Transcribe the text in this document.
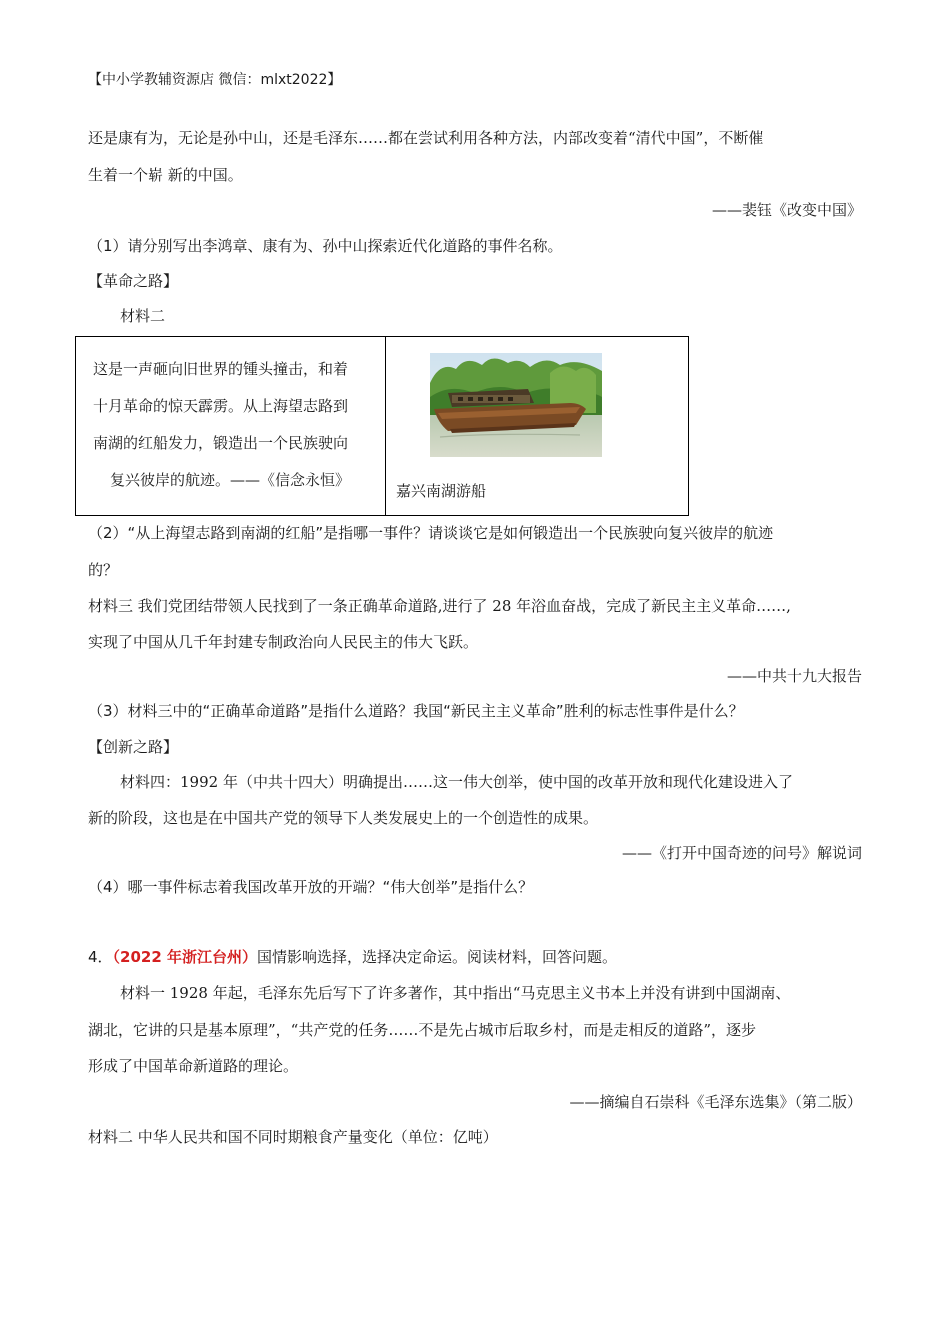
【中小学教辅资源店 微信：mlxt2022】
还是康有为，无论是孙中山，还是毛泽东……都在尝试利用各种方法，内部改变着“清代中国”，不断催
生着一个崭 新的中国。
——裴钰《改变中国》
（1）请分别写出李鸿章、康有为、孙中山探索近代化道路的事件名称。
【革命之路】
材料二
这是一声砸向旧世界的锺头撞击，和着
十月革命的惊天霹雳。从上海望志路到
南湖的红船发力，锻造出一个民族驶向
复兴彼岸的航迹。——《信念永恒》
嘉兴南湖游船
（2）“从上海望志路到南湖的红船”是指哪一事件？请谈谈它是如何锻造出一个民族驶向复兴彼岸的航迹
的？
材料三 我们党团结带领人民找到了一条正确革命道路,进行了 28 年浴血奋战，完成了新民主主义革命……,
实现了中国从几千年封建专制政治向人民民主的伟大飞跃。
——中共十九大报告
（3）材料三中的“正确革命道路”是指什么道路？我国“新民主主义革命”胜利的标志性事件是什么？
【创新之路】
材料四：1992 年（中共十四大）明确提出……这一伟大创举，使中国的改革开放和现代化建设进入了
新的阶段，这也是在中国共产党的领导下人类发展史上的一个创造性的成果。
——《打开中国奇迹的问号》解说词
（4）哪一事件标志着我国改革开放的开端？“伟大创举”是指什么？
4．（2022 年浙江台州）国情影响选择，选择决定命运。阅读材料，回答问题。
材料一 1928 年起，毛泽东先后写下了许多著作，其中指出“马克思主义书本上并没有讲到中国湖南、
湖北，它讲的只是基本原理”，“共产党的任务……不是先占城市后取乡村，而是走相反的道路”，逐步
形成了中国革命新道路的理论。
——摘编自石崇科《毛泽东选集》（第二版）
材料二 中华人民共和国不同时期粮食产量变化（单位：亿吨）
